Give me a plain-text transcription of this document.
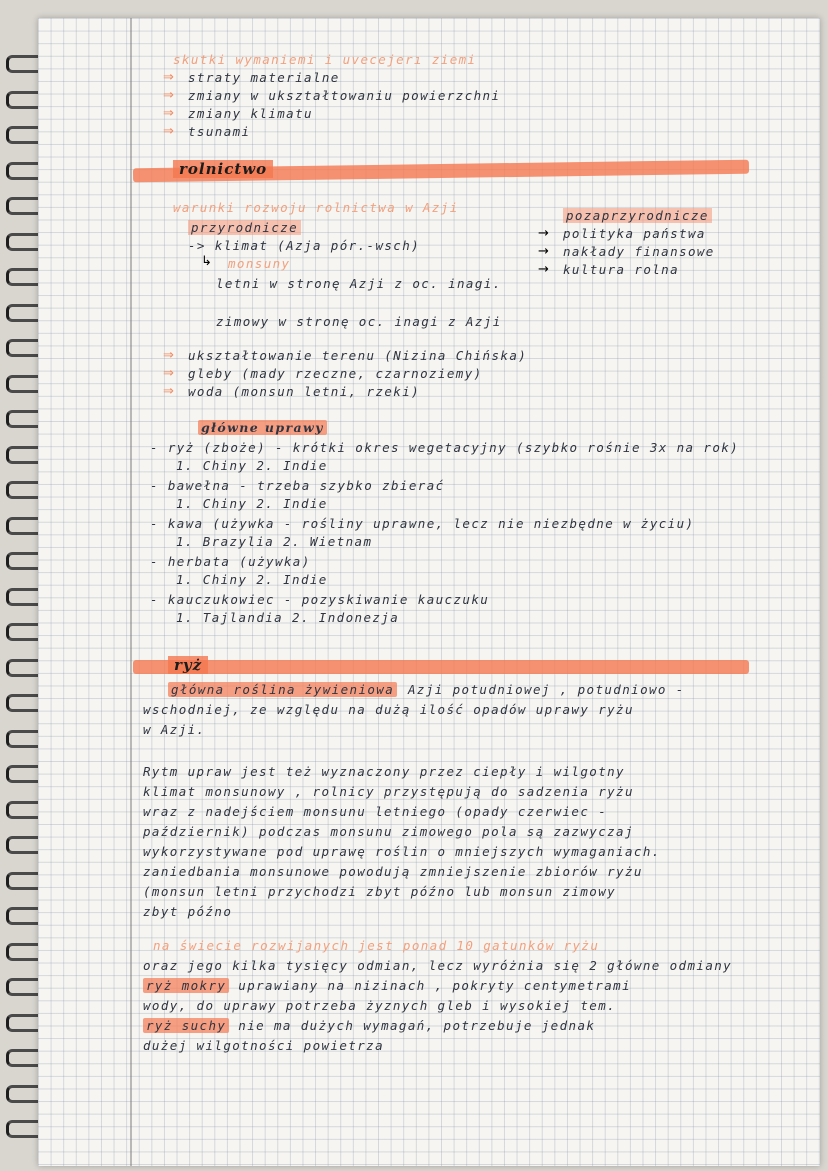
skutki wymaniemi i uvecejerı ziemi
⇒ straty materialne
⇒ zmiany w ukształtowaniu powierzchni
⇒ zmiany klimatu
⇒ tsunami
rolnictwo
warunki rozwoju rolnictwa w Azji
przyrodnicze
-> klimat (Azja pór.-wsch)
↳ monsuny
letni w stronę Azji z oc. inagi.
zimowy w stronę oc. inagi z Azji
pozaprzyrodnicze
→ polityka państwa
→ nakłady finansowe
→ kultura rolna
⇒ ukształtowanie terenu (Nizina Chińska)
⇒ gleby (mady rzeczne, czarnoziemy)
⇒ woda (monsun letni, rzeki)
główne uprawy
- ryż (zboże) - krótki okres wegetacyjny (szybko rośnie 3x na rok)
1. Chiny 2. Indie
- bawełna - trzeba szybko zbierać
1. Chiny 2. Indie
- kawa (używka - rośliny uprawne, lecz nie niezbędne w życiu)
1. Brazylia 2. Wietnam
- herbata (używka)
1. Chiny 2. Indie
- kauczukowiec - pozyskiwanie kauczuku
1. Tajlandia 2. Indonezja
ryż
główna roślina żywieniowa Azji potudniowej , potudniowo -
wschodniej, ze względu na dużą ilość opadów uprawy ryżu
w Azji.
Rytm upraw jest też wyznaczony przez ciepły i wilgotny
klimat monsunowy , rolnicy przystępują do sadzenia ryżu
wraz z nadejściem monsunu letniego (opady czerwiec -
październik) podczas monsunu zimowego pola są zazwyczaj
wykorzystywane pod uprawę roślin o mniejszych wymaganiach.
zaniedbania monsunowe powodują zmniejszenie zbiorów ryżu
(monsun letni przychodzi zbyt późno lub monsun zimowy
zbyt późno
na świecie rozwijanych jest ponad 10 gatunków ryżu
oraz jego kilka tysięcy odmian, lecz wyróżnia się 2 główne odmiany
ryż mokry uprawiany na nizinach , pokryty centymetrami
wody, do uprawy potrzeba żyznych gleb i wysokiej tem.
ryż suchy nie ma dużych wymagań, potrzebuje jednak
dużej wilgotności powietrza
